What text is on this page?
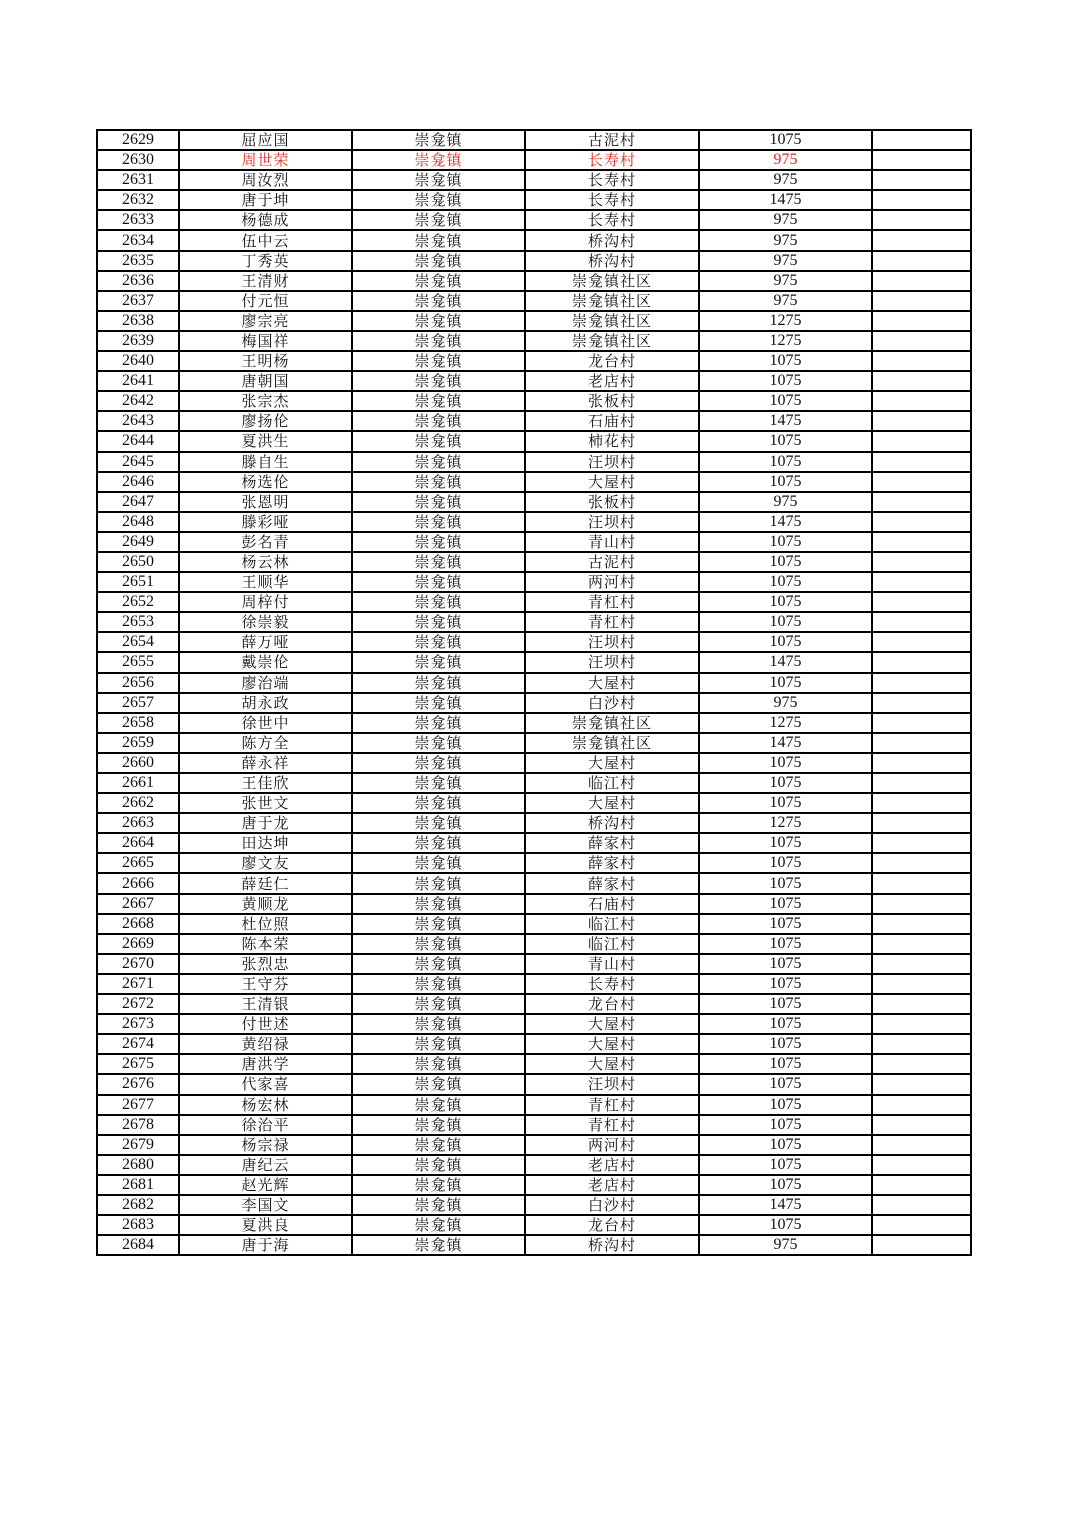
2629	屈应国	崇龛镇	古泥村	1075	
2630	周世荣	崇龛镇	长寿村	975	
2631	周汝烈	崇龛镇	长寿村	975	
2632	唐于坤	崇龛镇	长寿村	1475	
2633	杨德成	崇龛镇	长寿村	975	
2634	伍中云	崇龛镇	桥沟村	975	
2635	丁秀英	崇龛镇	桥沟村	975	
2636	王清财	崇龛镇	崇龛镇社区	975	
2637	付元恒	崇龛镇	崇龛镇社区	975	
2638	廖宗亮	崇龛镇	崇龛镇社区	1275	
2639	梅国祥	崇龛镇	崇龛镇社区	1275	
2640	王明杨	崇龛镇	龙台村	1075	
2641	唐朝国	崇龛镇	老店村	1075	
2642	张宗杰	崇龛镇	张板村	1075	
2643	廖扬伦	崇龛镇	石庙村	1475	
2644	夏洪生	崇龛镇	柿花村	1075	
2645	滕自生	崇龛镇	汪坝村	1075	
2646	杨选伦	崇龛镇	大屋村	1075	
2647	张恩明	崇龛镇	张板村	975	
2648	滕彩哑	崇龛镇	汪坝村	1475	
2649	彭名青	崇龛镇	青山村	1075	
2650	杨云林	崇龛镇	古泥村	1075	
2651	王顺华	崇龛镇	两河村	1075	
2652	周梓付	崇龛镇	青杠村	1075	
2653	徐崇毅	崇龛镇	青杠村	1075	
2654	薛万哑	崇龛镇	汪坝村	1075	
2655	戴崇伦	崇龛镇	汪坝村	1475	
2656	廖治端	崇龛镇	大屋村	1075	
2657	胡永政	崇龛镇	白沙村	975	
2658	徐世中	崇龛镇	崇龛镇社区	1275	
2659	陈方全	崇龛镇	崇龛镇社区	1475	
2660	薛永祥	崇龛镇	大屋村	1075	
2661	王佳欣	崇龛镇	临江村	1075	
2662	张世文	崇龛镇	大屋村	1075	
2663	唐于龙	崇龛镇	桥沟村	1275	
2664	田达坤	崇龛镇	薛家村	1075	
2665	廖文友	崇龛镇	薛家村	1075	
2666	薛廷仁	崇龛镇	薛家村	1075	
2667	黄顺龙	崇龛镇	石庙村	1075	
2668	杜位照	崇龛镇	临江村	1075	
2669	陈本荣	崇龛镇	临江村	1075	
2670	张烈忠	崇龛镇	青山村	1075	
2671	王守芬	崇龛镇	长寿村	1075	
2672	王清银	崇龛镇	龙台村	1075	
2673	付世述	崇龛镇	大屋村	1075	
2674	黄绍禄	崇龛镇	大屋村	1075	
2675	唐洪学	崇龛镇	大屋村	1075	
2676	代家喜	崇龛镇	汪坝村	1075	
2677	杨宏林	崇龛镇	青杠村	1075	
2678	徐治平	崇龛镇	青杠村	1075	
2679	杨宗禄	崇龛镇	两河村	1075	
2680	唐纪云	崇龛镇	老店村	1075	
2681	赵光辉	崇龛镇	老店村	1075	
2682	李国文	崇龛镇	白沙村	1475	
2683	夏洪良	崇龛镇	龙台村	1075	
2684	唐于海	崇龛镇	桥沟村	975	
